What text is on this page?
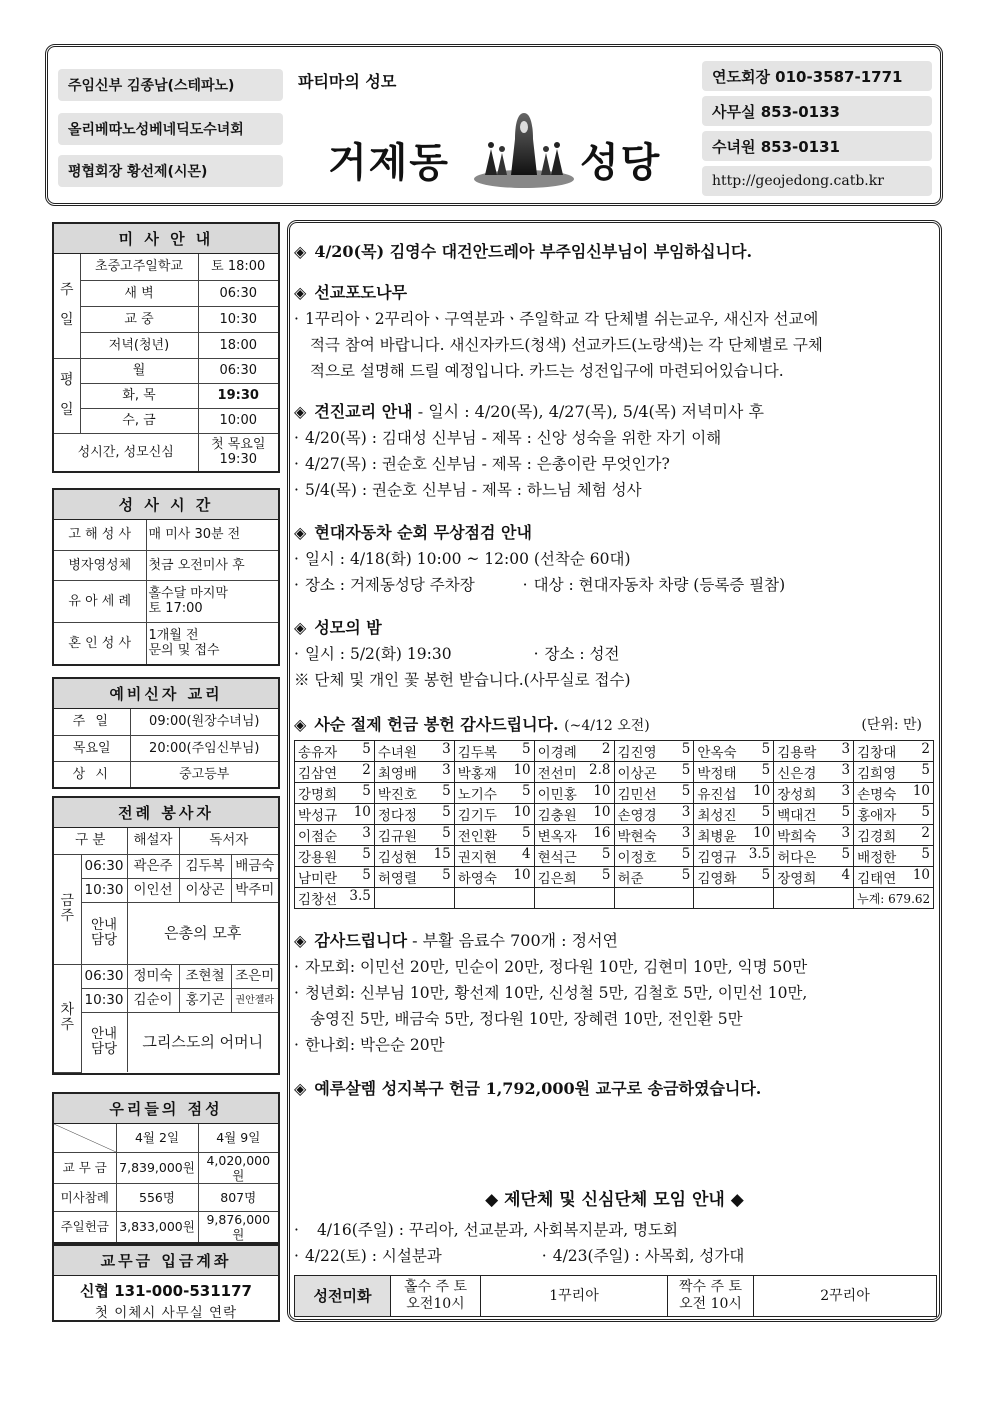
주임신부 김종남(스테파노)
올리베따노성베네딕도수녀회
평협회장 황선제(시몬)
파티마의 성모
거제동	성당
연도회장 010-3587-1771
사무실 853-0133
수녀원 853-0131
http://geojedong.catb.kr
미 사 안 내
주

일	초중고주일학교	토 18:00
	새 벽	06:30
	교 중	10:30
	저녁(청년)	18:00
평

일	월	06:30
	화, 목	19:30
	수, 금	10:00
성시간, 성모신심		첫 목요일
19:30
성 사 시 간
고 해 성 사	매 미사 30분 전
병자영성체	첫금 오전미사 후
유 아 세 례	홀수달 마지막
토 17:00
혼 인 성 사	1개월 전
문의 및 접수
예비신자 교리
주 일	09:00(원장수녀님)
목요일	20:00(주임신부님)
상 시	중고등부
전례 봉사자
구 분		해설자	독서자	
금
주	06:30	곽은주	김두복	배금숙
	10:30	이인선	이상곤	박주미
	안내
담당	은총의 모후		
차
주	06:30	정미숙	조현철	조은미
	10:30	김순이	홍기곤	권안젤라
	안내
담당	그리스도의 어머니		
우리들의 점성
	4월 2일	4월 9일
교 무 금	7,839,000원	4,020,000원
미사참례	556명	807명
주일헌금	3,833,000원	9,876,000원
교무금 입금계좌
신협 131-000-531177
첫 이체시 사무실 연락
◈ 4/20(목) 김영수 대건안드레아 부주임신부님이 부임하십니다.
◈ 선교포도나무
· 1꾸리아ㆍ2꾸리아ㆍ구역분과ㆍ주일학교 각 단체별 쉬는교우, 새신자 선교에
적극 참여 바랍니다. 새신자카드(청색) 선교카드(노랑색)는 각 단체별로 구체
적으로 설명해 드릴 예정입니다. 카드는 성전입구에 마련되어있습니다.
◈ 견진교리 안내 - 일시 : 4/20(목), 4/27(목), 5/4(목) 저녁미사 후
· 4/20(목) : 김대성 신부님 - 제목 : 신앙 성숙을 위한 자기 이해
· 4/27(목) : 권순호 신부님 - 제목 : 은총이란 무엇인가?
· 5/4(목) : 권순호 신부님 - 제목 : 하느님 체험 성사
◈ 현대자동차 순회 무상점검 안내
· 일시 : 4/18(화) 10:00 ~ 12:00 (선착순 60대)
· 장소 : 거제동성당 주차장	· 대상 : 현대자동차 차량 (등록증 필참)
◈ 성모의 밤
· 일시 : 5/2(화) 19:30	· 장소 : 성전
※ 단체 및 개인 꽃 봉헌 받습니다.(사무실로 접수)
◈ 사순 절제 헌금 봉헌 감사드립니다. (~4/12 오전)	(단위: 만)
송유자 5	수녀원 3	김두복 5	이경례 2	김진영 5	안옥숙 5	김용락 3	김창대 2

김삼연 2	최영배 3	박홍재 10	전선미 2.8	이상곤 5	박정태 5	신은경 3	김희영 5

강명희 5	박진호 5	노기수 5	이민홍 10	김민선 5	유진섭 10	장성희 3	손명숙 10

박성규 10	정다정 5	김기두 10	김충원 10	손영경 3	최성진 5	백대건 5	홍애자 5

이점순 3	김규원 5	전인환 5	변옥자 16	박현숙 3	최병윤 10	박희숙 3	김경희 2

강용원 5	김성현 15	권지현 4	현석근 5	이정호 5	김영규 3.5	허다은 5	배정한 5

남미란 5	허영렬 5	하영숙 10	김은희 5	허준 5	김영화 5	장영희 4	김태연 10

김창선 3.5							누계: 679.62
◈ 감사드립니다 - 부활 음료수 700개 : 정서연
· 자모회: 이민선 20만, 민순이 20만, 정다원 10만, 김현미 10만, 익명 50만
· 청년회: 신부님 10만, 황선제 10만, 신성철 5만, 김철호 5만, 이민선 10만,
송영진 5만, 배금숙 5만, 정다원 10만, 장혜련 10만, 전인환 5만
· 한나회: 박은순 20만
◈ 예루살렘 성지복구 헌금 1,792,000원 교구로 송금하였습니다.
◆ 제단체 및 신심단체 모임 안내 ◆
· 4/16(주일) : 꾸리아, 선교분과, 사회복지분과, 명도회
· 4/22(토) : 시설분과	· 4/23(주일) : 사목회, 성가대
성전미화	홀수 주 토
오전10시	1꾸리아	짝수 주 토
오전 10시	2꾸리아
